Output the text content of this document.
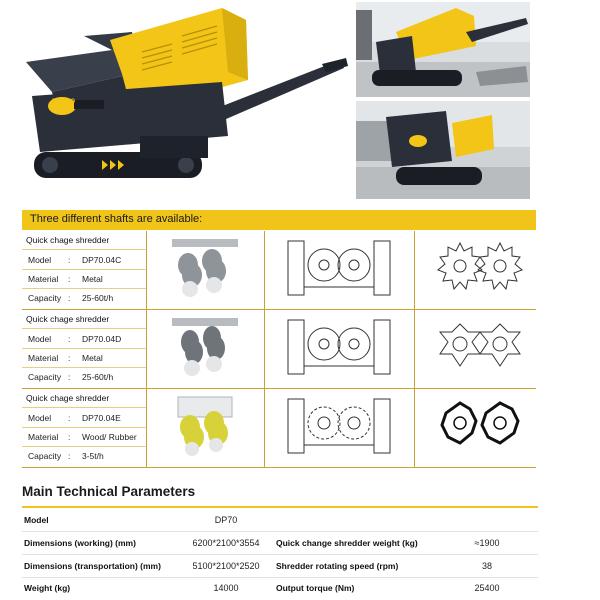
ENVIRO PRO
Three different shafts are available:
Quick chage shredder
Model	: DP70.04C
Material	: Metal
Capacity : 25-60t/h
Quick chage shredder
Model	: DP70.04D
Material	: Metal
Capacity : 25-60t/h
Quick chage shredder
Model	: DP70.04E
Material	: Wood/ Rubber
Capacity : 3-5t/h
Main Technical Parameters
Model	DP70
Dimensions (working) (mm)	6200*2100*3554	Quick change shredder weight (kg)	≈1900
Dimensions (transportation) (mm)	5100*2100*2520	Shredder rotating speed (rpm)	38
Weight (kg)	14000	Output torque (Nm)	25400
